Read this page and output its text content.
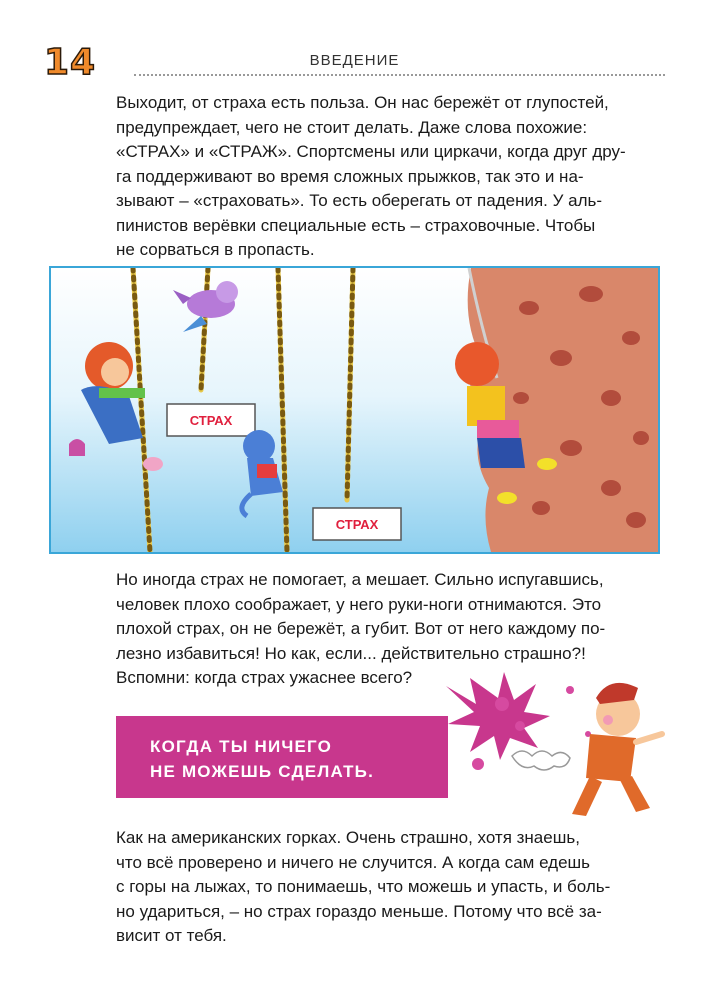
14	ВВЕДЕНИЕ

Выходит, от страха есть польза. Он нас бережёт от глупостей,

предупреждает, чего не стоит делать. Даже слова похожие:

«СТРАХ» и «СТРАЖ». Спортсмены или циркачи, когда друг дру-

га поддерживают во время сложных прыжков, так это и на-

зывают – «страховать». То есть оберегать от падения. У аль-

пинистов верёвки специальные есть – страховочные. Чтобы

не сорваться в пропасть.

СТРАХ
СТРАХ

Но иногда страх не помогает, а мешает. Сильно испугавшись,

человек плохо соображает, у него руки-ноги отнимаются. Это

плохой страх, он не бережёт, а губит. Вот от него каждому по-

лезно избавиться! Но как, если... действительно страшно?!

Вспомни: когда страх ужаснее всего?

КОГДА ТЫ НИЧЕГО
НЕ МОЖЕШЬ СДЕЛАТЬ.

Как на американских горках. Очень страшно, хотя знаешь,

что всё проверено и ничего не случится. А когда сам едешь

с горы на лыжах, то понимаешь, что можешь и упасть, и боль-

но удариться, – но страх гораздо меньше. Потому что всё за-

висит от тебя.
